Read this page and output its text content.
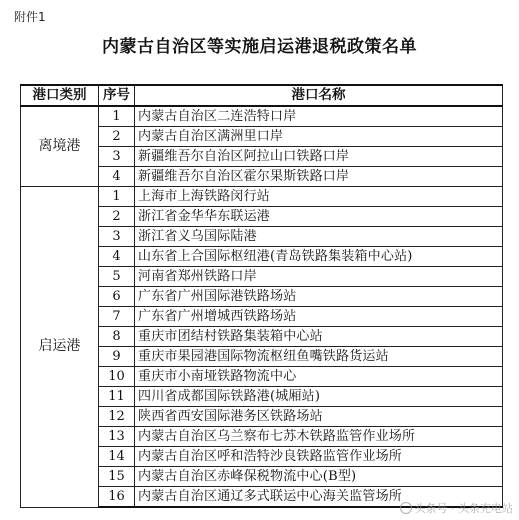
附件1
内蒙古自治区等实施启运港退税政策名单
港口类别	序号	港口名称
离境港	1	内蒙古自治区二连浩特口岸
	2	内蒙古自治区满洲里口岸
	3	新疆维吾尔自治区阿拉山口铁路口岸
	4	新疆维吾尔自治区霍尔果斯铁路口岸
启运港	1	上海市上海铁路闵行站
	2	浙江省金华华东联运港
	3	浙江省义乌国际陆港
	4	山东省上合国际枢纽港(青岛铁路集装箱中心站)
	5	河南省郑州铁路口岸
	6	广东省广州国际港铁路场站
	7	广东省广州增城西铁路场站
	8	重庆市团结村铁路集装箱中心站
	9	重庆市果园港国际物流枢纽鱼嘴铁路货运站
	10	重庆市小南垭铁路物流中心
	11	四川省成都国际铁路港(城厢站)
	12	陕西省西安国际港务区铁路场站
	13	内蒙古自治区乌兰察布七苏木铁路监管作业场所
	14	内蒙古自治区呼和浩特沙良铁路监管作业场所
	15	内蒙古自治区赤峰保税物流中心(B型)
	16	内蒙古自治区通辽多式联运中心海关监管场所
头条号 · 头条充电站
